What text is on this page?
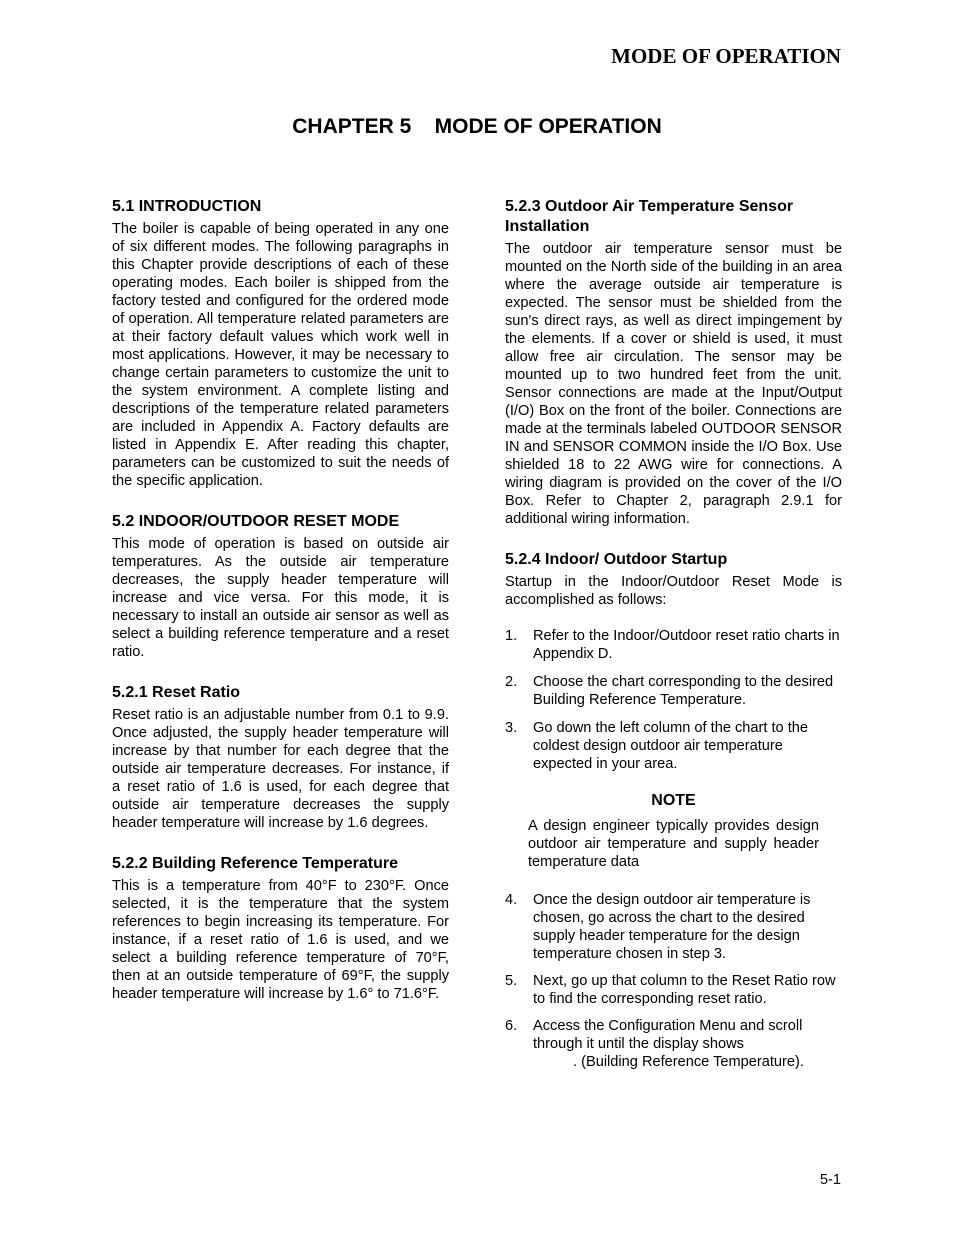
MODE OF OPERATION
CHAPTER 5    MODE OF OPERATION
5.1 INTRODUCTION

The boiler is capable of being operated in any one of six different modes. The following paragraphs in this Chapter provide descriptions of each of these operating modes. Each boiler is shipped from the factory tested and configured for the ordered mode of operation. All temperature related parameters are at their factory default values which work well in most applications. However, it may be necessary to change certain parameters to customize the unit to the system environment. A complete listing and descriptions of the temperature related parameters are included in Appendix A. Factory defaults are listed in Appendix E. After reading this chapter, parameters can be customized to suit the needs of the specific application.

5.2 INDOOR/OUTDOOR RESET MODE

This mode of operation is based on outside air temperatures. As the outside air temperature decreases, the supply header temperature will increase and vice versa. For this mode, it is necessary to install an outside air sensor as well as select a building reference temperature and a reset ratio.

5.2.1 Reset Ratio

Reset ratio is an adjustable number from 0.1 to 9.9. Once adjusted, the supply header temperature will increase by that number for each degree that the outside air temperature decreases. For instance, if a reset ratio of 1.6 is used, for each degree that outside air temperature decreases the supply header temperature will increase by 1.6 degrees.

5.2.2 Building Reference Temperature

This is a temperature from 40°F to 230°F. Once selected, it is the temperature that the system references to begin increasing its temperature. For instance, if a reset ratio of 1.6 is used, and we select a building reference temperature of 70°F, then at an outside temperature of 69°F, the supply header temperature will increase by 1.6° to 71.6°F.

5.2.3 Outdoor Air Temperature Sensor Installation

The outdoor air temperature sensor must be mounted on the North side of the building in an area where the average outside air temperature is expected. The sensor must be shielded from the sun's direct rays, as well as direct impingement by the elements. If a cover or shield is used, it must allow free air circulation. The sensor may be mounted up to two hundred feet from the unit. Sensor connections are made at the Input/Output (I/O) Box on the front of the boiler. Connections are made at the terminals labeled OUTDOOR SENSOR IN and SENSOR COMMON inside the I/O Box. Use shielded 18 to 22 AWG wire for connections. A wiring diagram is provided on the cover of the I/O Box. Refer to Chapter 2, paragraph 2.9.1 for additional wiring information.

5.2.4 Indoor/ Outdoor Startup

Startup in the Indoor/Outdoor Reset Mode is accomplished as follows:

1. Refer to the Indoor/Outdoor reset ratio charts in Appendix D.
2. Choose the chart corresponding to the desired Building Reference Temperature.
3. Go down the left column of the chart to the coldest design outdoor air temperature expected in your area.
NOTE
A design engineer typically provides design outdoor air temperature and supply header temperature data
4. Once the design outdoor air temperature is chosen, go across the chart to the desired supply header temperature for the design temperature chosen in step 3.
5. Next, go up that column to the Reset Ratio row to find the corresponding reset ratio.
6. Access the Configuration Menu and scroll through it until the display shows
. (Building Reference Temperature).
5-1
